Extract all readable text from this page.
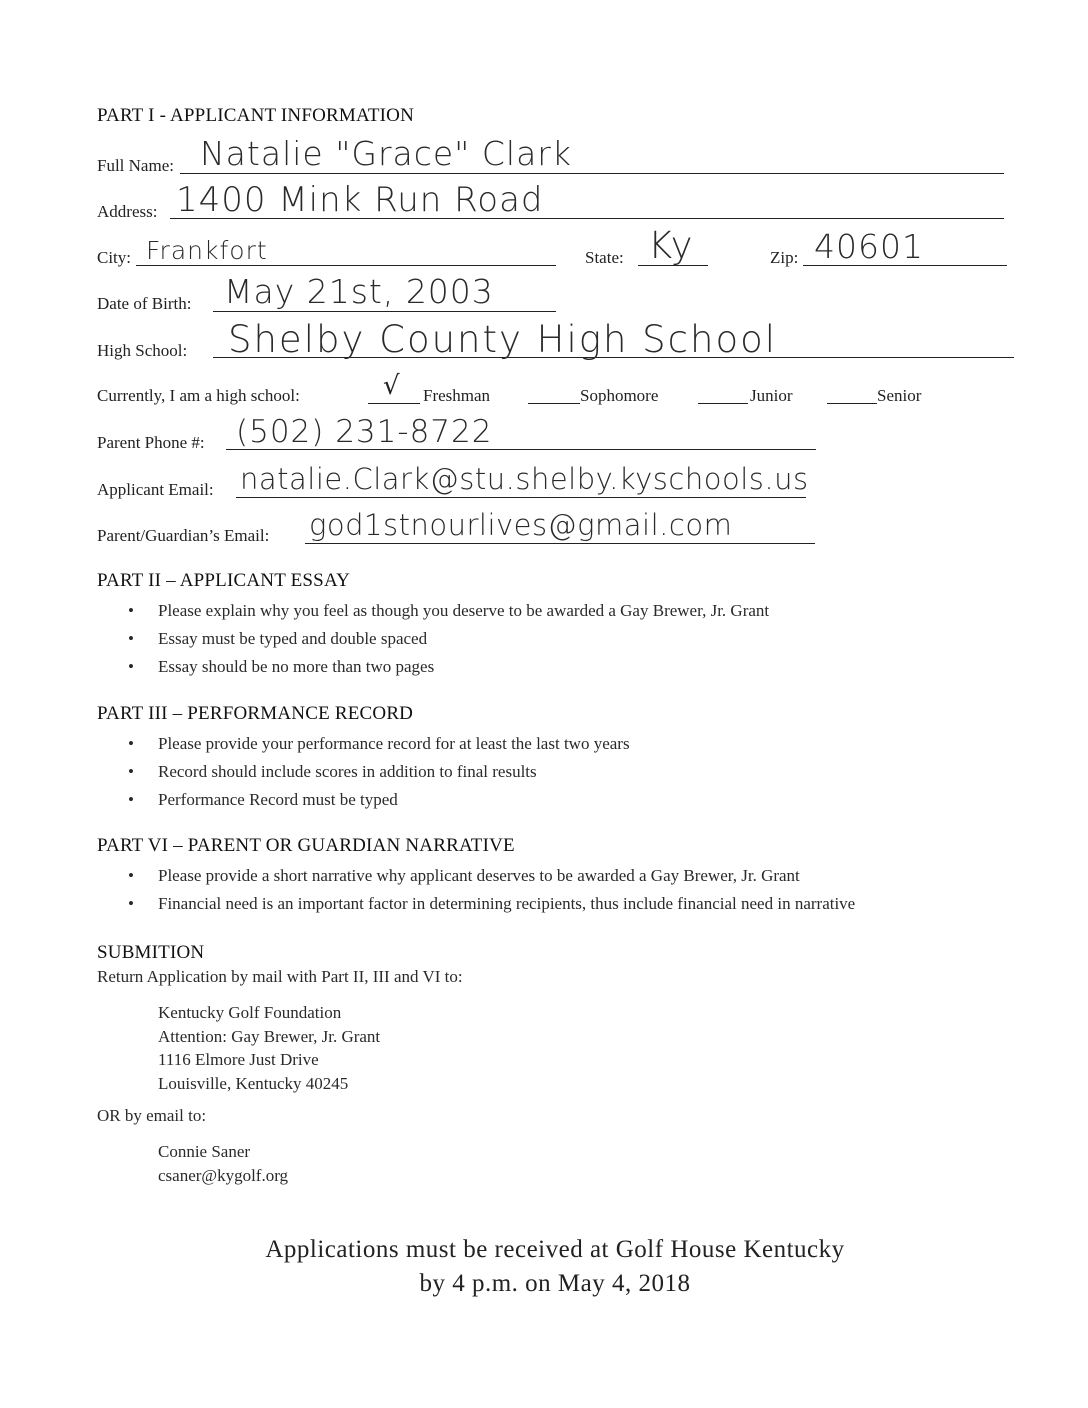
PART I - APPLICANT INFORMATION
Full Name: Natalie "Grace" Clark
Address: 1400 Mink Run Road
City: Frankfort	State: Ky	Zip: 40601
Date of Birth: May 21st, 2003
High School: Shelby County High School
Currently, I am a high school:	√ Freshman	Sophomore	Junior	Senior
Parent Phone #: (502) 231-8722
Applicant Email: natalie.Clark@stu.shelby.kyschools.us
Parent/Guardian’s Email: god1stnourlives@gmail.com
PART II – APPLICANT ESSAY
• Please explain why you feel as though you deserve to be awarded a Gay Brewer, Jr. Grant
• Essay must be typed and double spaced
• Essay should be no more than two pages
PART III – PERFORMANCE RECORD
• Please provide your performance record for at least the last two years
• Record should include scores in addition to final results
• Performance Record must be typed
PART VI – PARENT OR GUARDIAN NARRATIVE
• Please provide a short narrative why applicant deserves to be awarded a Gay Brewer, Jr. Grant
• Financial need is an important factor in determining recipients, thus include financial need in narrative
SUBMITION
Return Application by mail with Part II, III and VI to:
Kentucky Golf Foundation
Attention: Gay Brewer, Jr. Grant
1116 Elmore Just Drive
Louisville, Kentucky 40245
OR by email to:
Connie Saner
csaner@kygolf.org
Applications must be received at Golf House Kentucky
by 4 p.m. on May 4, 2018
